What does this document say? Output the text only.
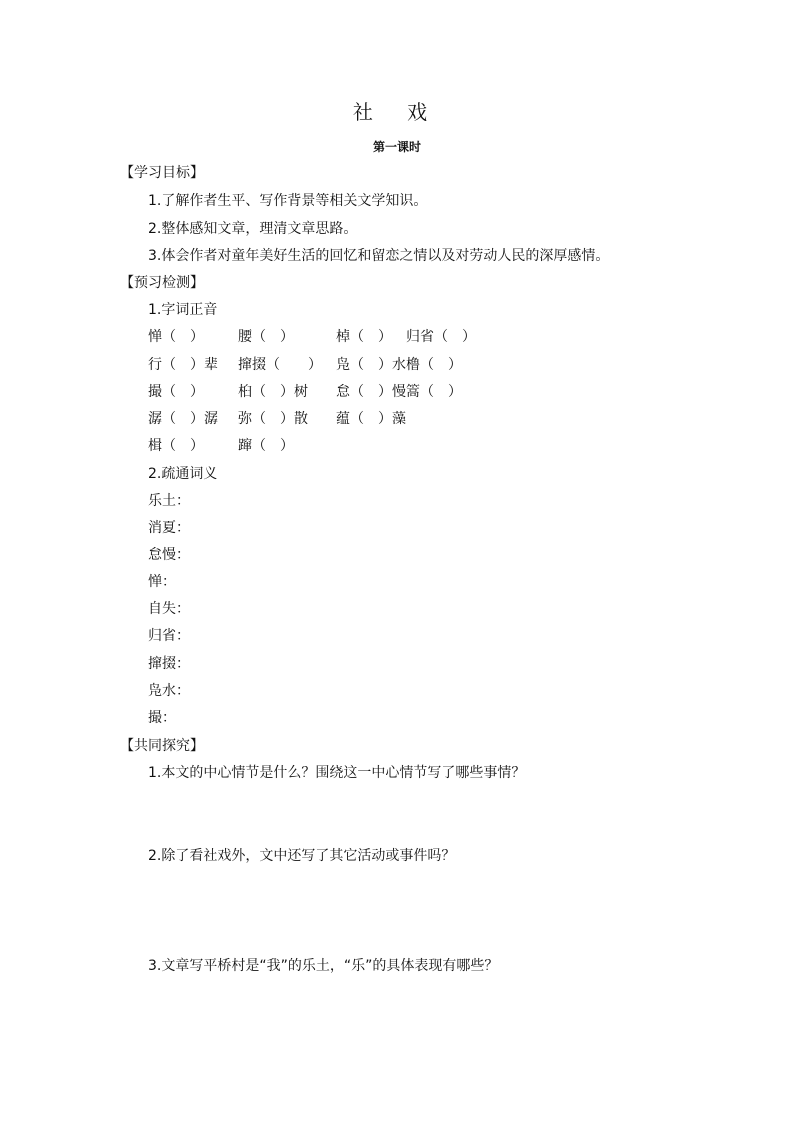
社 戏
第一课时
【学习目标】
1.了解作者生平、写作背景等相关文学知识。
2.整体感知文章，理清文章思路。
3.体会作者对童年美好生活的回忆和留恋之情以及对劳动人民的深厚感情。
【预习检测】
1.字词正音
惮（　） 腰（　）	棹（　） 归省（　）
行（　）辈 撺掇（　　） 凫（　）水 橹（　）
撮（　） 桕（　）树 怠（　）慢 篙（　）
潺（　）潺 弥（　）散 蕴（　）藻
楫（　） 蹿（　）
2.疏通词义
乐土：
消夏：
怠慢：
惮：
自失：
归省：
撺掇：
凫水：
撮：
【共同探究】
1.本文的中心情节是什么？围绕这一中心情节写了哪些事情？
2.除了看社戏外，文中还写了其它活动或事件吗？
3.文章写平桥村是“我”的乐土，“乐”的具体表现有哪些？
